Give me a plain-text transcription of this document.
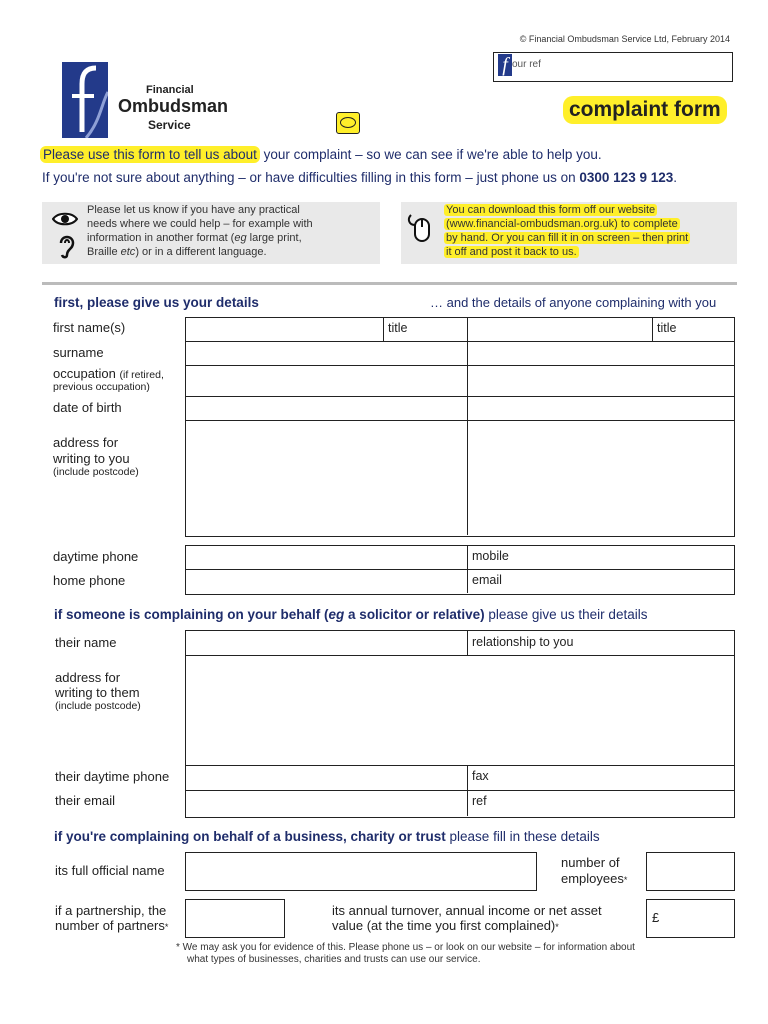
© Financial Ombudsman Service Ltd, February 2014
Financial
Ombudsman
Service
f our ref
complaint form
Please use this form to tell us about your complaint – so we can see if we're able to help you.
If you're not sure about anything – or have difficulties filling in this form – just phone us on 0300 123 9 123.
Please let us know if you have any practical
needs where we could help – for example with
information in another format (eg large print,
Braille etc) or in a different language.
You can download this form off our website
(www.financial-ombudsman.org.uk) to complete
by hand. Or you can fill it in on screen – then print
it off and post it back to us.
first, please give us your details	… and the details of anyone complaining with you
first name(s)
surname
occupation (if retired,
previous occupation)
date of birth
address for
writing to you
(include postcode)
title	title
daytime phone
home phone
mobile
email
if someone is complaining on your behalf (eg a solicitor or relative) please give us their details
their name
address for
writing to them
(include postcode)
their daytime phone
their email
relationship to you
fax
ref
if you're complaining on behalf of a business, charity or trust please fill in these details
its full official name
number of
employees*
if a partnership, the
number of partners*
its annual turnover, annual income or net asset
value (at the time you first complained)*
£
* We may ask you for evidence of this. Please phone us – or look on our website – for information about
what types of businesses, charities and trusts can use our service.
